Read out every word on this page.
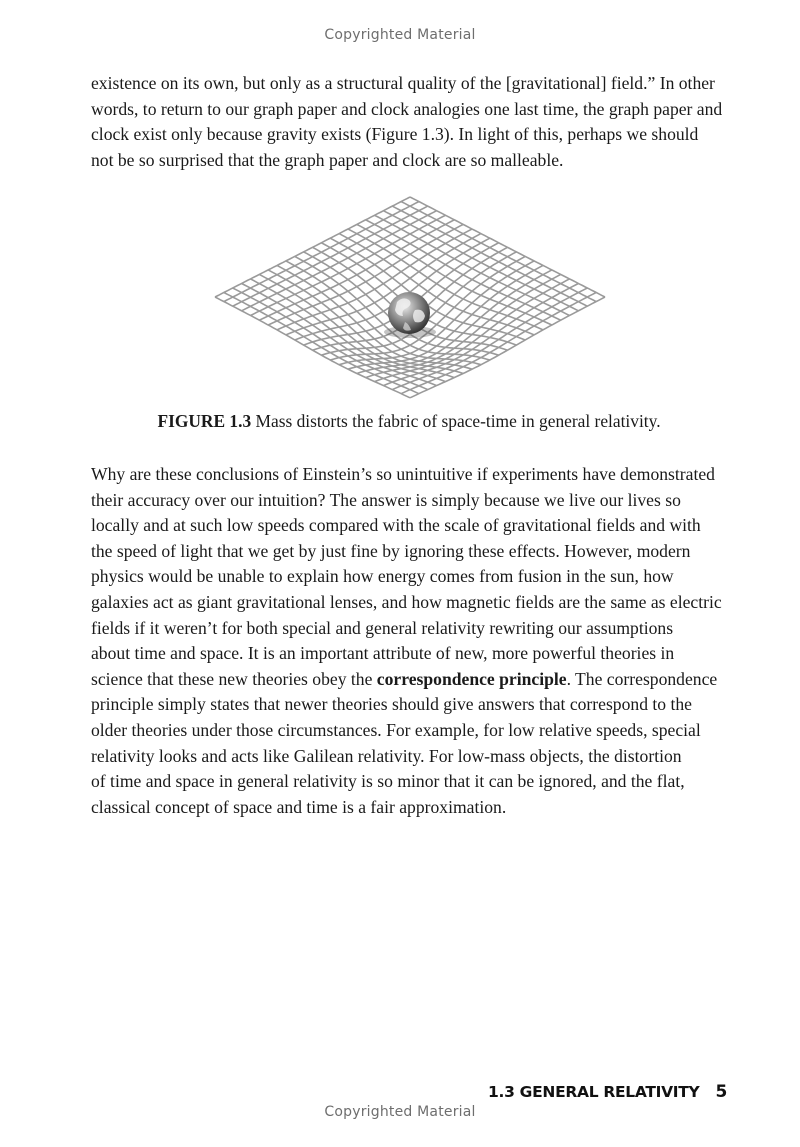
Copyrighted Material

existence on its own, but only as a structural quality of the [gravitational] field.” In other
words, to return to our graph paper and clock analogies one last time, the graph paper and
clock exist only because gravity exists (Figure 1.3). In light of this, perhaps we should
not be so surprised that the graph paper and clock are so malleable.

FIGURE 1.3 Mass distorts the fabric of space-time in general relativity.

Why are these conclusions of Einstein’s so unintuitive if experiments have demonstrated
their accuracy over our intuition? The answer is simply because we live our lives so
locally and at such low speeds compared with the scale of gravitational fields and with
the speed of light that we get by just fine by ignoring these effects. However, modern
physics would be unable to explain how energy comes from fusion in the sun, how
galaxies act as giant gravitational lenses, and how magnetic fields are the same as electric
fields if it weren’t for both special and general relativity rewriting our assumptions
about time and space. It is an important attribute of new, more powerful theories in
science that these new theories obey the correspondence principle. The correspondence
principle simply states that newer theories should give answers that correspond to the
older theories under those circumstances. For example, for low relative speeds, special
relativity looks and acts like Galilean relativity. For low-mass objects, the distortion
of time and space in general relativity is so minor that it can be ignored, and the flat,
classical concept of space and time is a fair approximation.

1.3 GENERAL RELATIVITY 5
Copyrighted Material
